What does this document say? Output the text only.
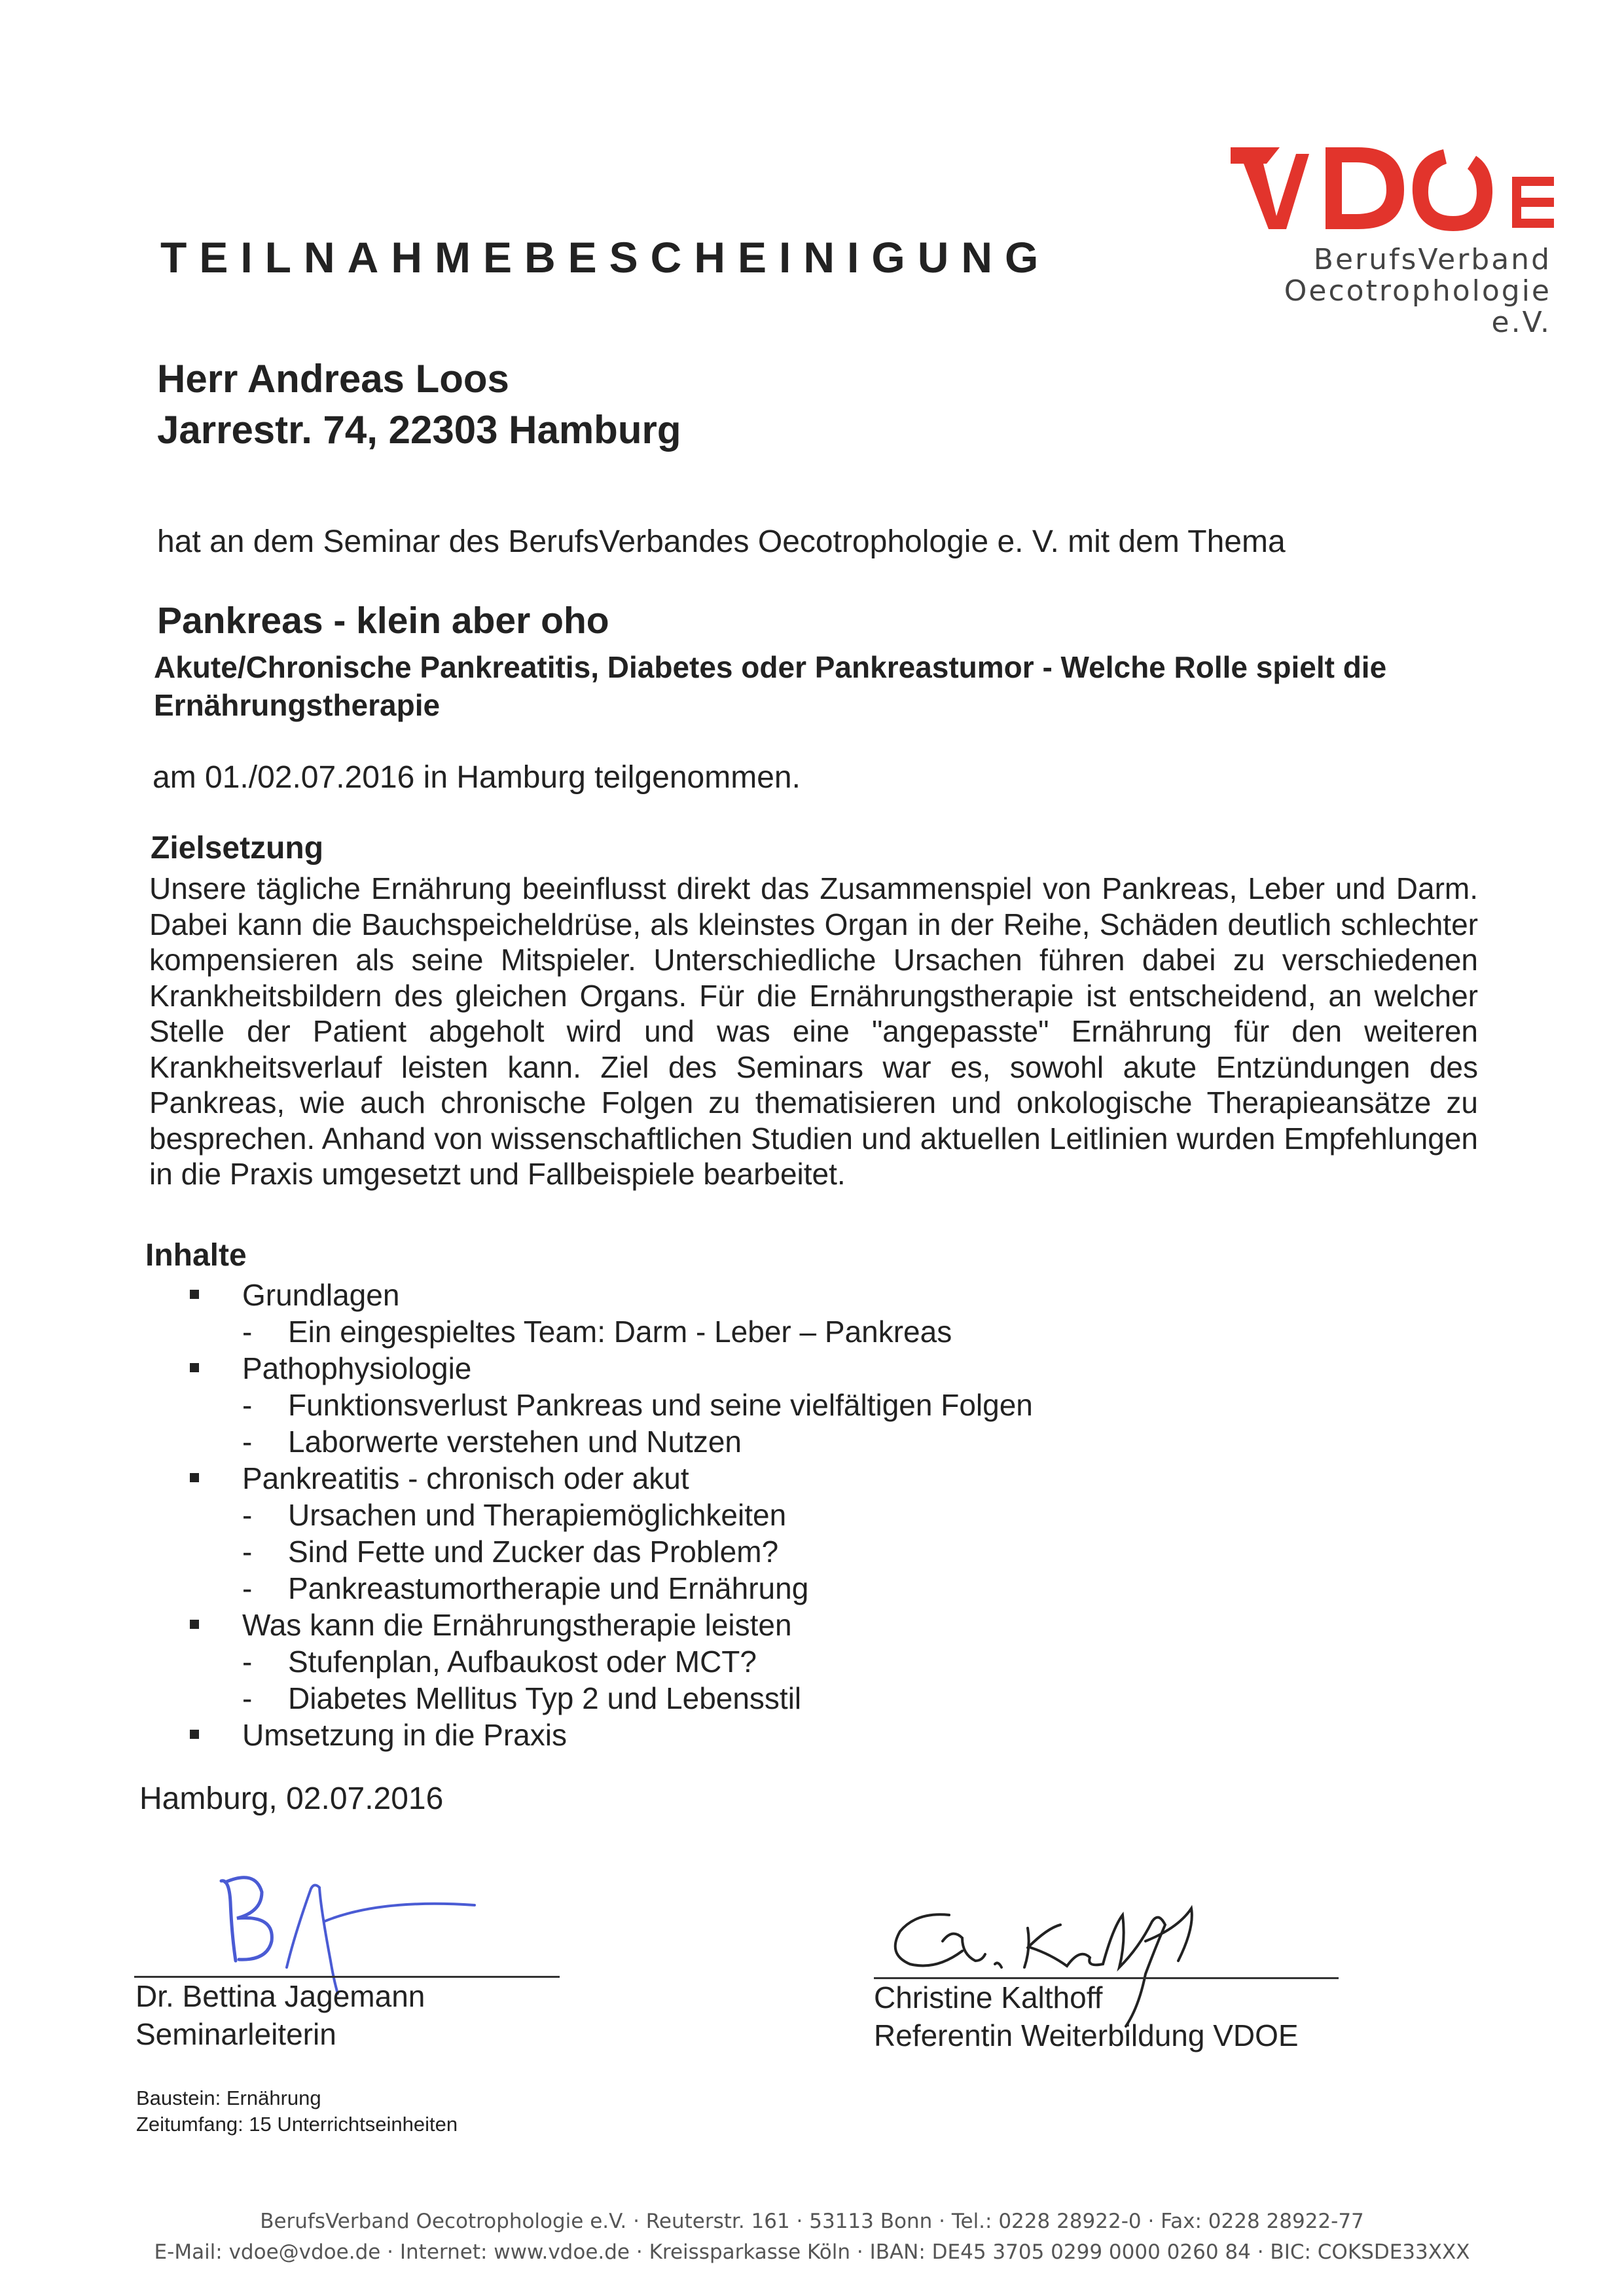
TEILNAHMEBESCHEINIGUNG	BerufsVerband
Oecotrophologie e.V.
Herr Andreas Loos
Jarrestr. 74, 22303 Hamburg
hat an dem Seminar des BerufsVerbandes Oecotrophologie e. V. mit dem Thema
Pankreas - klein aber oho
Akute/Chronische Pankreatitis, Diabetes oder Pankreastumor - Welche Rolle spielt die Ernährungstherapie
am 01./02.07.2016 in Hamburg teilgenommen.
Zielsetzung
Unsere tägliche Ernährung beeinflusst direkt das Zusammenspiel von Pankreas, Leber und Darm. Dabei kann die Bauchspeicheldrüse, als kleinstes Organ in der Reihe, Schäden deutlich schlechter kompensieren als seine Mitspieler. Unterschiedliche Ursachen führen dabei zu verschiedenen Krankheitsbildern des gleichen Organs. Für die Ernährungstherapie ist entscheidend, an welcher Stelle der Patient abgeholt wird und was eine "angepasste" Ernährung für den weiteren Krankheitsverlauf leisten kann. Ziel des Seminars war es, sowohl akute Entzündungen des Pankreas, wie auch chronische Folgen zu thematisieren und onkologische Therapieansätze zu besprechen. Anhand von wissenschaftlichen Studien und aktuellen Leitlinien wurden Empfehlungen in die Praxis umgesetzt und Fallbeispiele bearbeitet.
Inhalte
Grundlagen
- Ein eingespieltes Team: Darm - Leber – Pankreas
Pathophysiologie
- Funktionsverlust Pankreas und seine vielfältigen Folgen
- Laborwerte verstehen und Nutzen
Pankreatitis - chronisch oder akut
- Ursachen und Therapiemöglichkeiten
- Sind Fette und Zucker das Problem?
- Pankreastumortherapie und Ernährung
Was kann die Ernährungstherapie leisten
- Stufenplan, Aufbaukost oder MCT?
- Diabetes Mellitus Typ 2 und Lebensstil
Umsetzung in die Praxis
Hamburg, 02.07.2016
Dr. Bettina Jagemann
Seminarleiterin
Christine Kalthoff
Referentin Weiterbildung VDOE
Baustein: Ernährung
Zeitumfang: 15 Unterrichtseinheiten
BerufsVerband Oecotrophologie e.V. · Reuterstr. 161 · 53113 Bonn · Tel.: 0228 28922-0 · Fax: 0228 28922-77
E-Mail: vdoe@vdoe.de · Internet: www.vdoe.de · Kreissparkasse Köln · IBAN: DE45 3705 0299 0000 0260 84 · BIC: COKSDE33XXX
